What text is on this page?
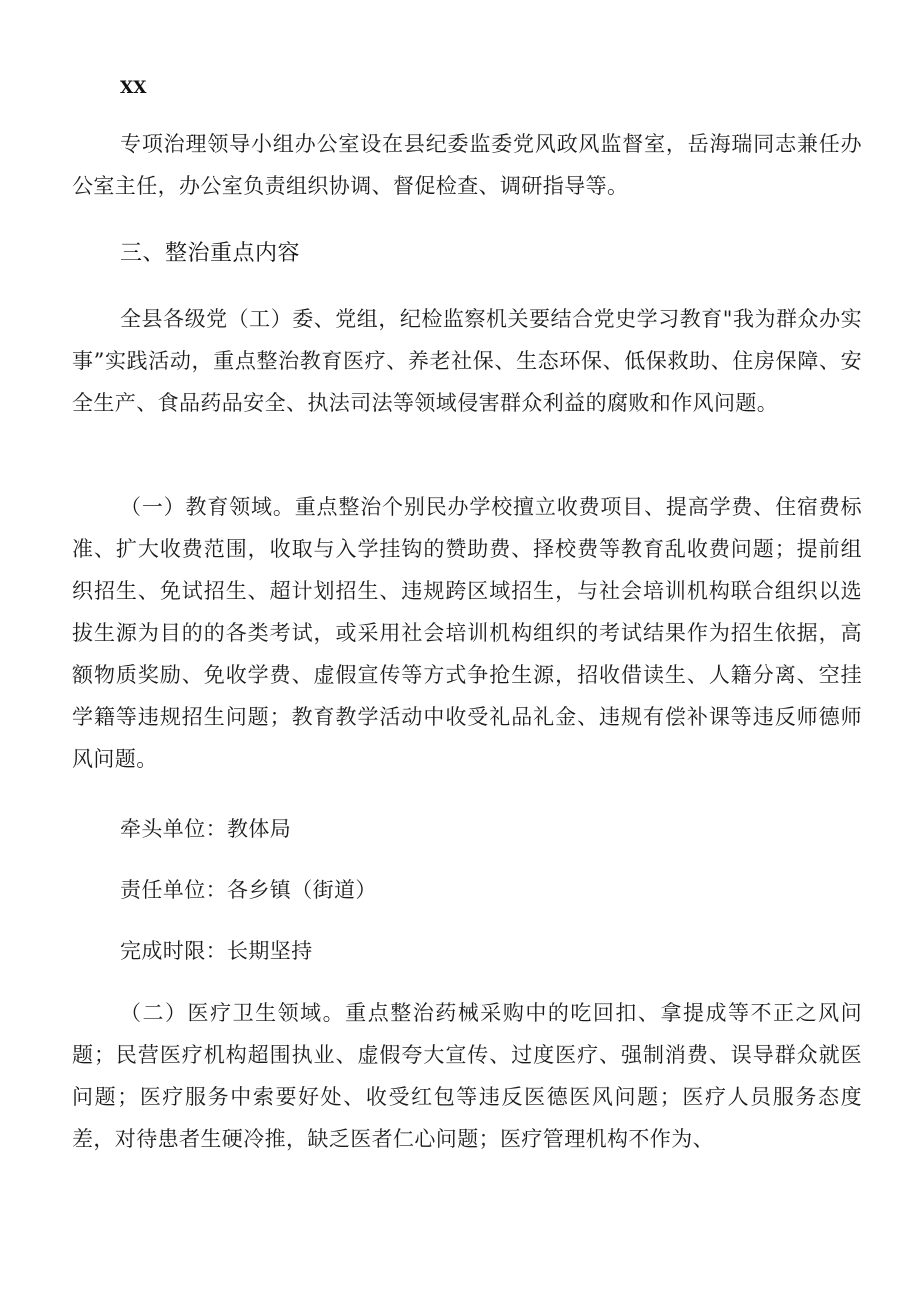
XX

专项治理领导小组办公室设在县纪委监委党风政风监督室，岳海瑞同志兼任办公室主任，办公室负责组织协调、督促检查、调研指导等。

三、整治重点内容

全县各级党（工）委、党组，纪检监察机关要结合党史学习教育"我为群众办实事”实践活动，重点整治教育医疗、养老社保、生态环保、低保救助、住房保障、安全生产、食品药品安全、执法司法等领域侵害群众利益的腐败和作风问题。

（一）教育领域。重点整治个别民办学校擅立收费项目、提高学费、住宿费标准、扩大收费范围，收取与入学挂钩的赞助费、择校费等教育乱收费问题；提前组织招生、免试招生、超计划招生、违规跨区域招生，与社会培训机构联合组织以选拔生源为目的的各类考试，或采用社会培训机构组织的考试结果作为招生依据，高额物质奖励、免收学费、虚假宣传等方式争抢生源，招收借读生、人籍分离、空挂学籍等违规招生问题；教育教学活动中收受礼品礼金、违规有偿补课等违反师德师风问题。

牵头单位：教体局
责任单位：各乡镇（街道）
完成时限：长期坚持

（二）医疗卫生领域。重点整治药械采购中的吃回扣、拿提成等不正之风问题；民营医疗机构超围执业、虚假夸大宣传、过度医疗、强制消费、误导群众就医问题；医疗服务中索要好处、收受红包等违反医德医风问题；医疗人员服务态度差，对待患者生硬冷推，缺乏医者仁心问题；医疗管理机构不作为、
